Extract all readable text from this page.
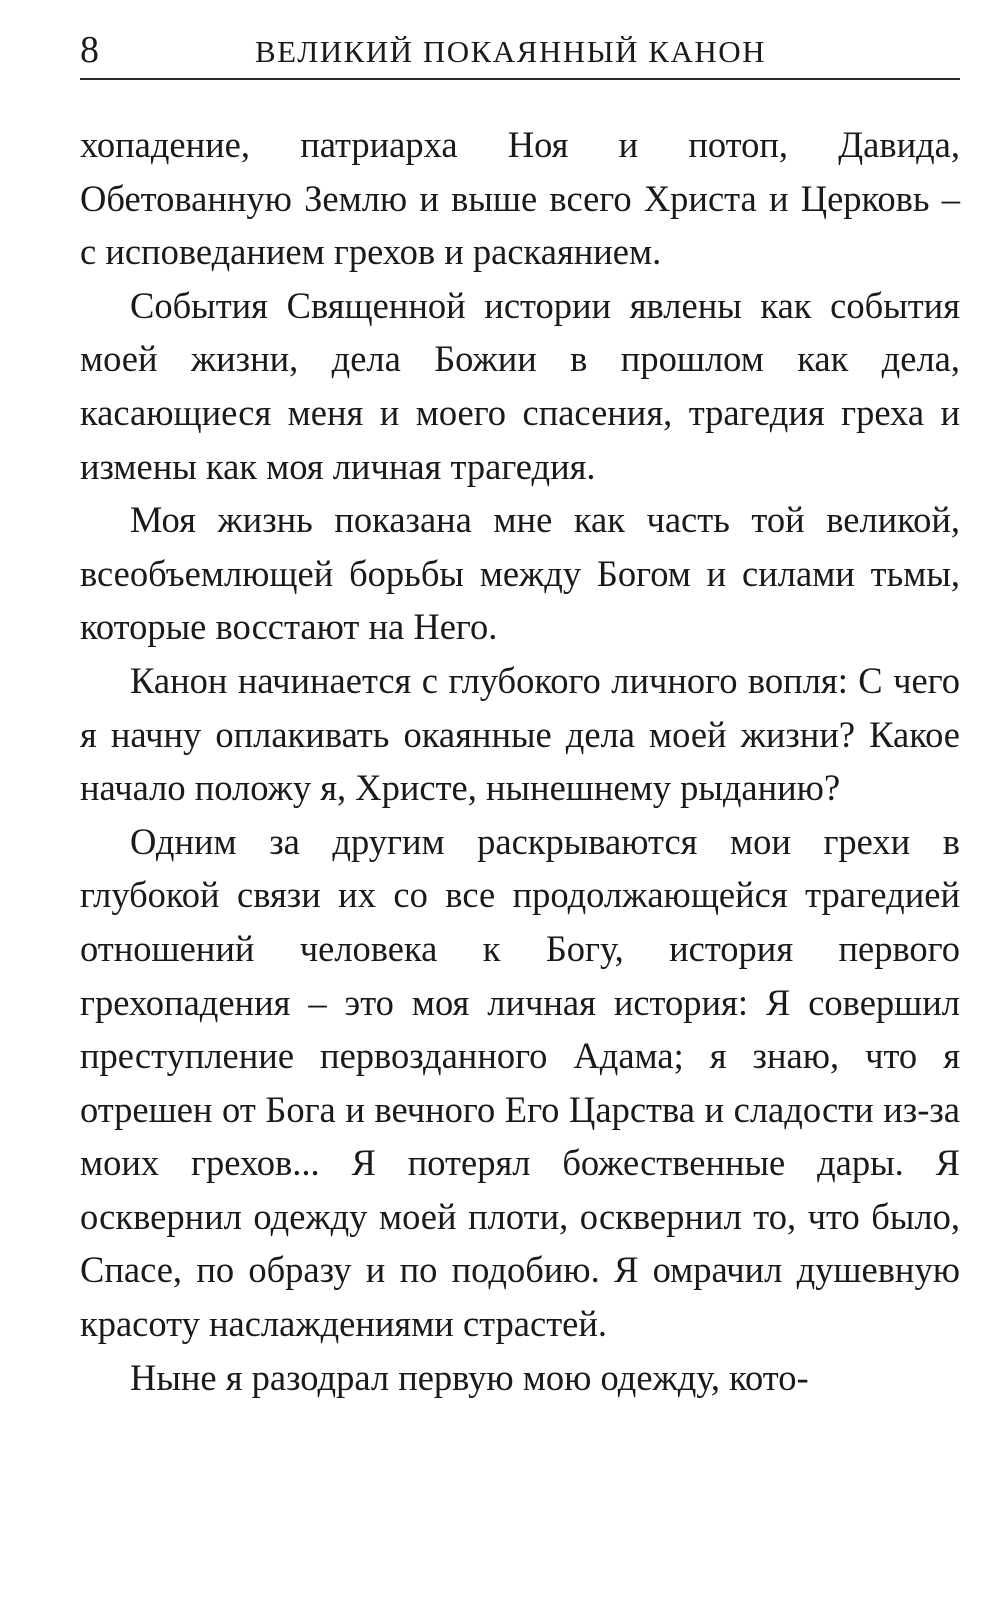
8	ВЕЛИКИЙ ПОКАЯННЫЙ КАНОН

хопадение, патриарха Ноя и потоп, Давида, Обетованную Землю и выше всего Христа и Церковь – с исповеданием грехов и раскаянием.

События Священной истории явлены как события моей жизни, дела Божии в прошлом как дела, касающиеся меня и моего спасения, трагедия греха и измены как моя личная трагедия.

Моя жизнь показана мне как часть той великой, всеобъемлющей борьбы между Богом и силами тьмы, которые восстают на Него.

Канон начинается с глубокого личного вопля: С чего я начну оплакивать окаянные дела моей жизни? Какое начало положу я, Христе, нынешнему рыданию?

Одним за другим раскрываются мои грехи в глубокой связи их со все продолжающейся трагедией отношений человека к Богу, история первого грехопадения – это моя личная история: Я совершил преступление первозданного Адама; я знаю, что я отрешен от Бога и вечного Его Царства и сладости из-за моих грехов... Я потерял божественные дары. Я осквернил одежду моей плоти, осквернил то, что было, Спасе, по образу и по подобию. Я омрачил душевную красоту наслаждениями страстей.

Ныне я разодрал первую мою одежду, кото-
